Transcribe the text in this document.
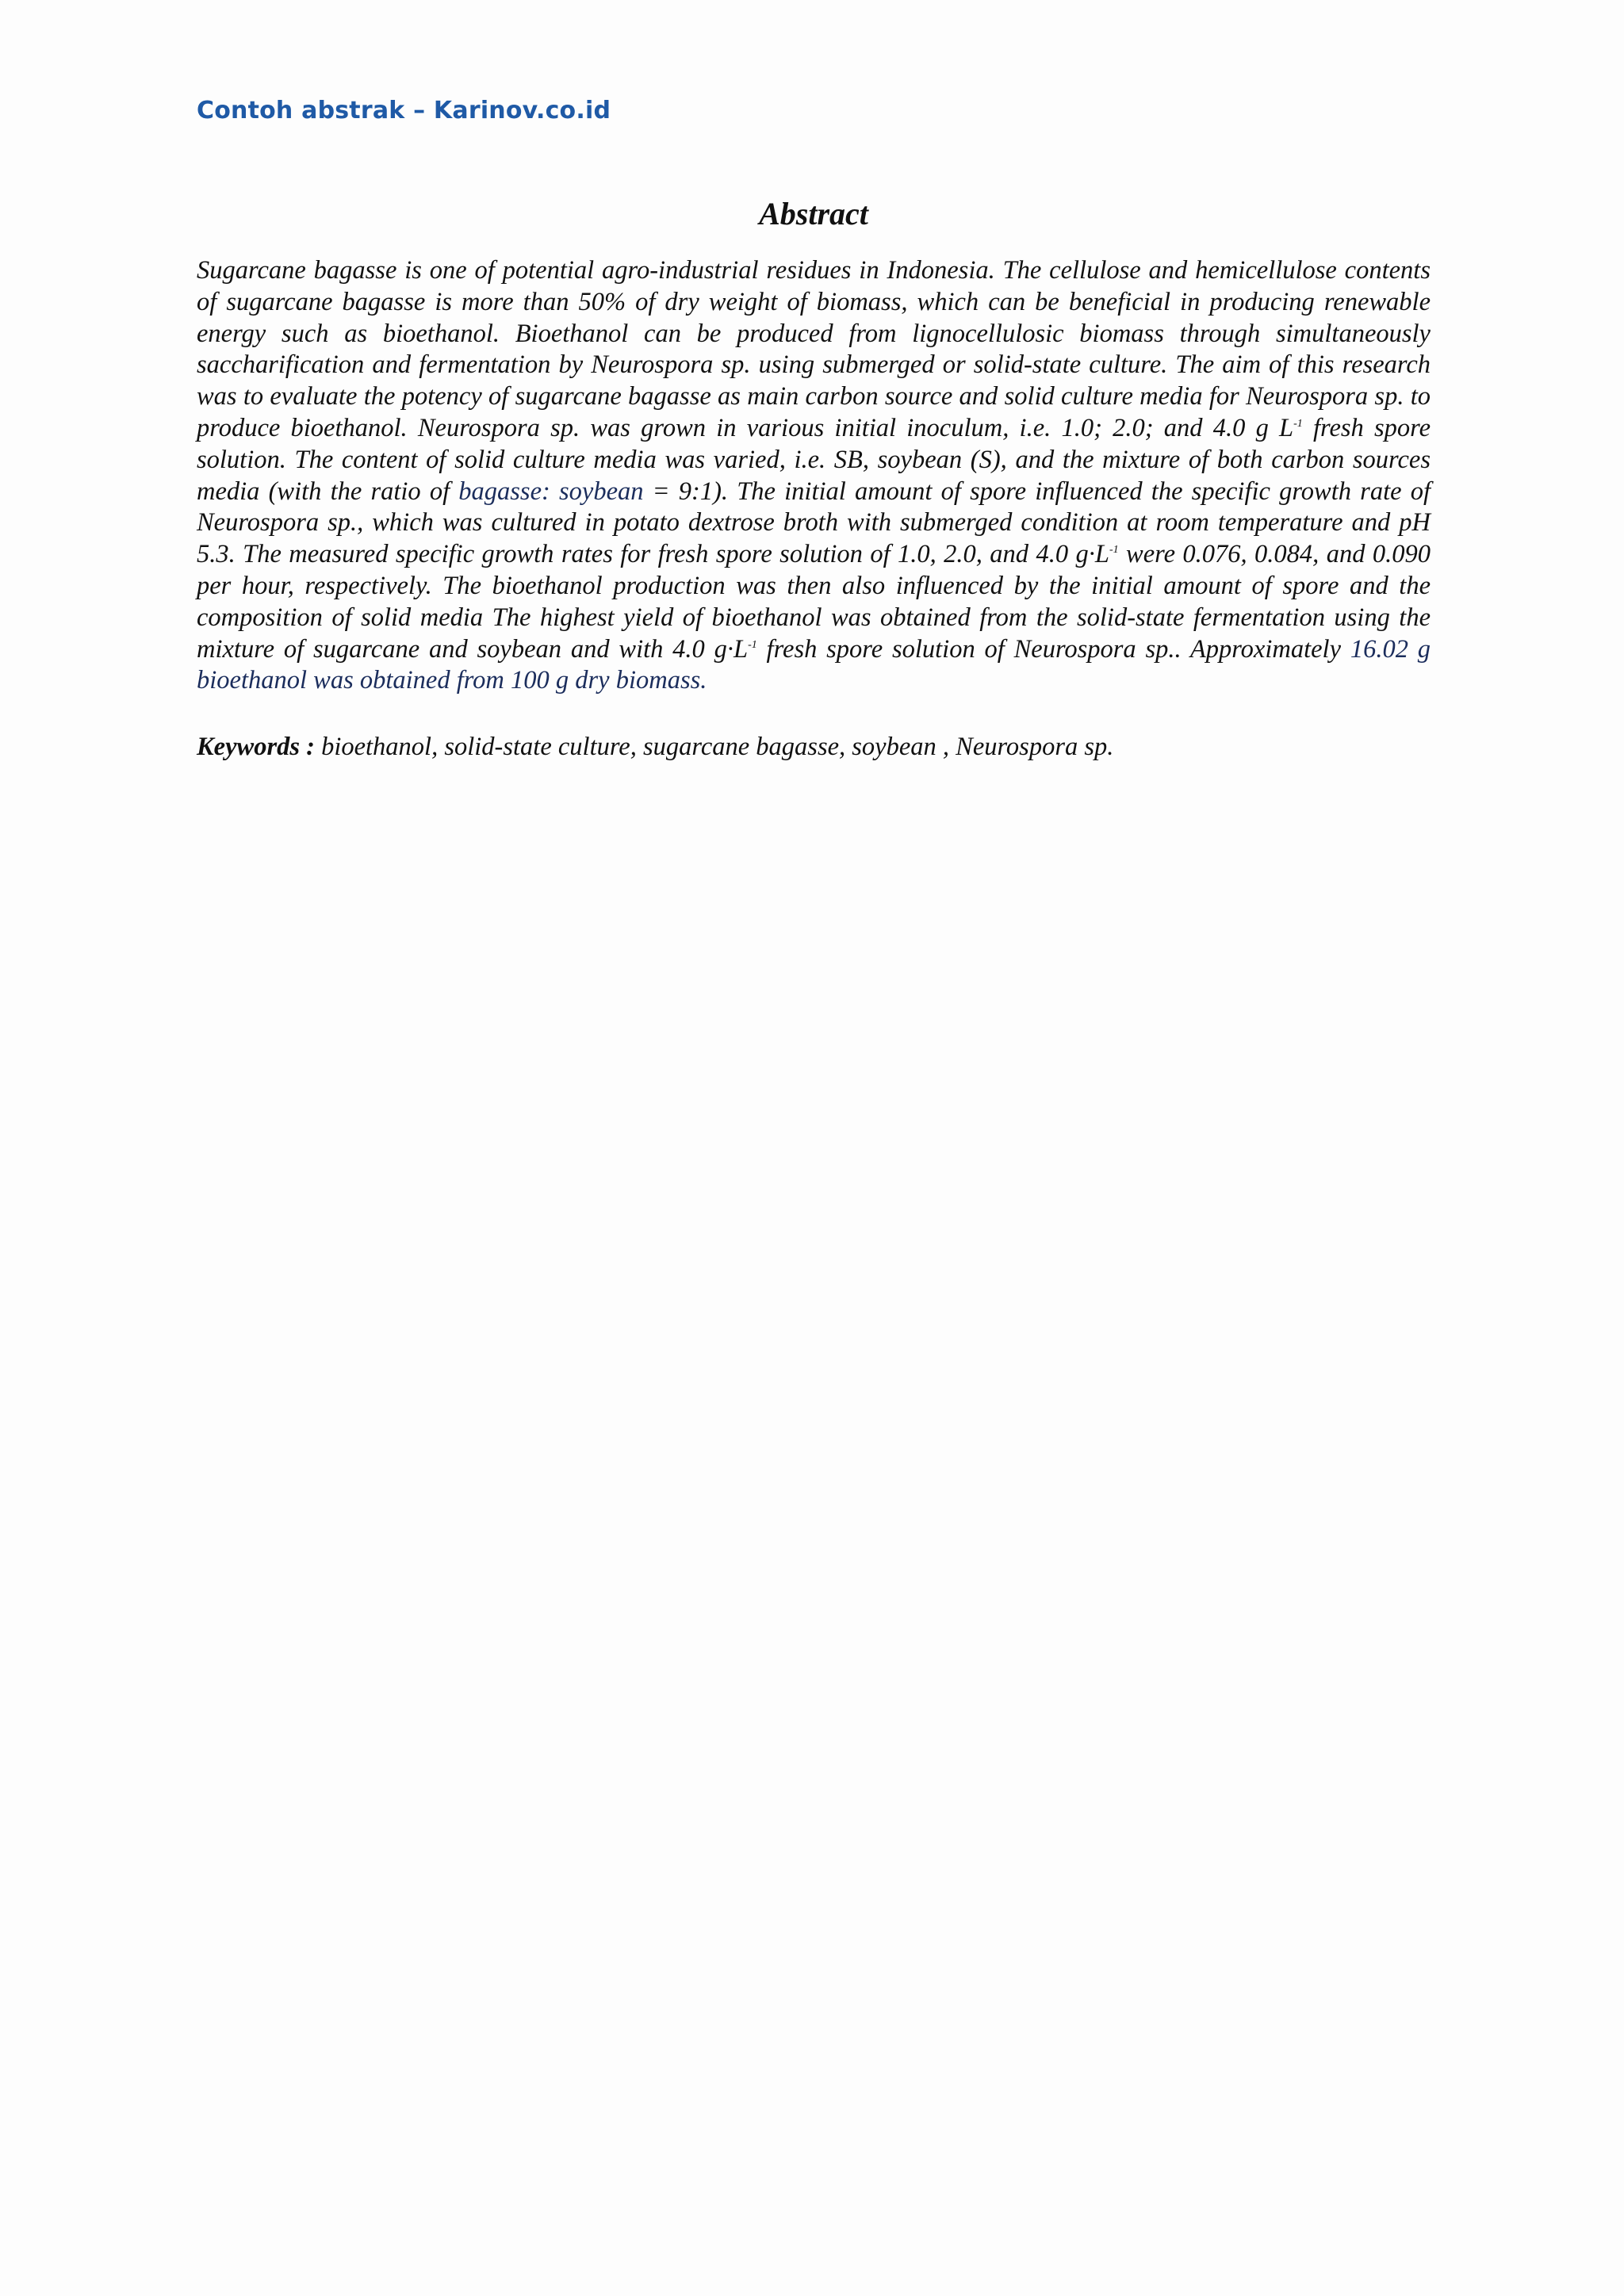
Contoh abstrak – Karinov.co.id
Abstract

Sugarcane bagasse is one of potential agro-industrial residues in Indonesia. The cellulose and hemicellulose contents of sugarcane bagasse is more than 50% of dry weight of biomass, which can be beneficial in producing renewable energy such as bioethanol. Bioethanol can be produced from lignocellulosic biomass through simultaneously saccharification and fermentation by Neurospora sp. using submerged or solid-state culture. The aim of this research was to evaluate the potency of sugarcane bagasse as main carbon source and solid culture media for Neurospora sp. to produce bioethanol. Neurospora sp. was grown in various initial inoculum, i.e. 1.0; 2.0; and 4.0 g $L^{-1}$ fresh spore solution. The content of solid culture media was varied, i.e. SB, soybean (S), and the mixture of both carbon sources media (with the ratio of bagasse: soybean = 9:1). The initial amount of spore influenced the specific growth rate of Neurospora sp., which was cultured in potato dextrose broth with submerged condition at room temperature and pH 5.3. The measured specific growth rates for fresh spore solution of 1.0, 2.0, and 4.0 $g\cdot L^{-1}$ were 0.076, 0.084, and 0.090 per hour, respectively. The bioethanol production was then also influenced by the initial amount of spore and the composition of solid media The highest yield of bioethanol was obtained from the solid-state fermentation using the mixture of sugarcane and soybean and with 4.0 $g\cdot L^{-1}$ fresh spore solution of Neurospora sp.. Approximately 16.02 g bioethanol was obtained from 100 g dry biomass.

Keywords : bioethanol, solid-state culture, sugarcane bagasse, soybean , Neurospora sp.
